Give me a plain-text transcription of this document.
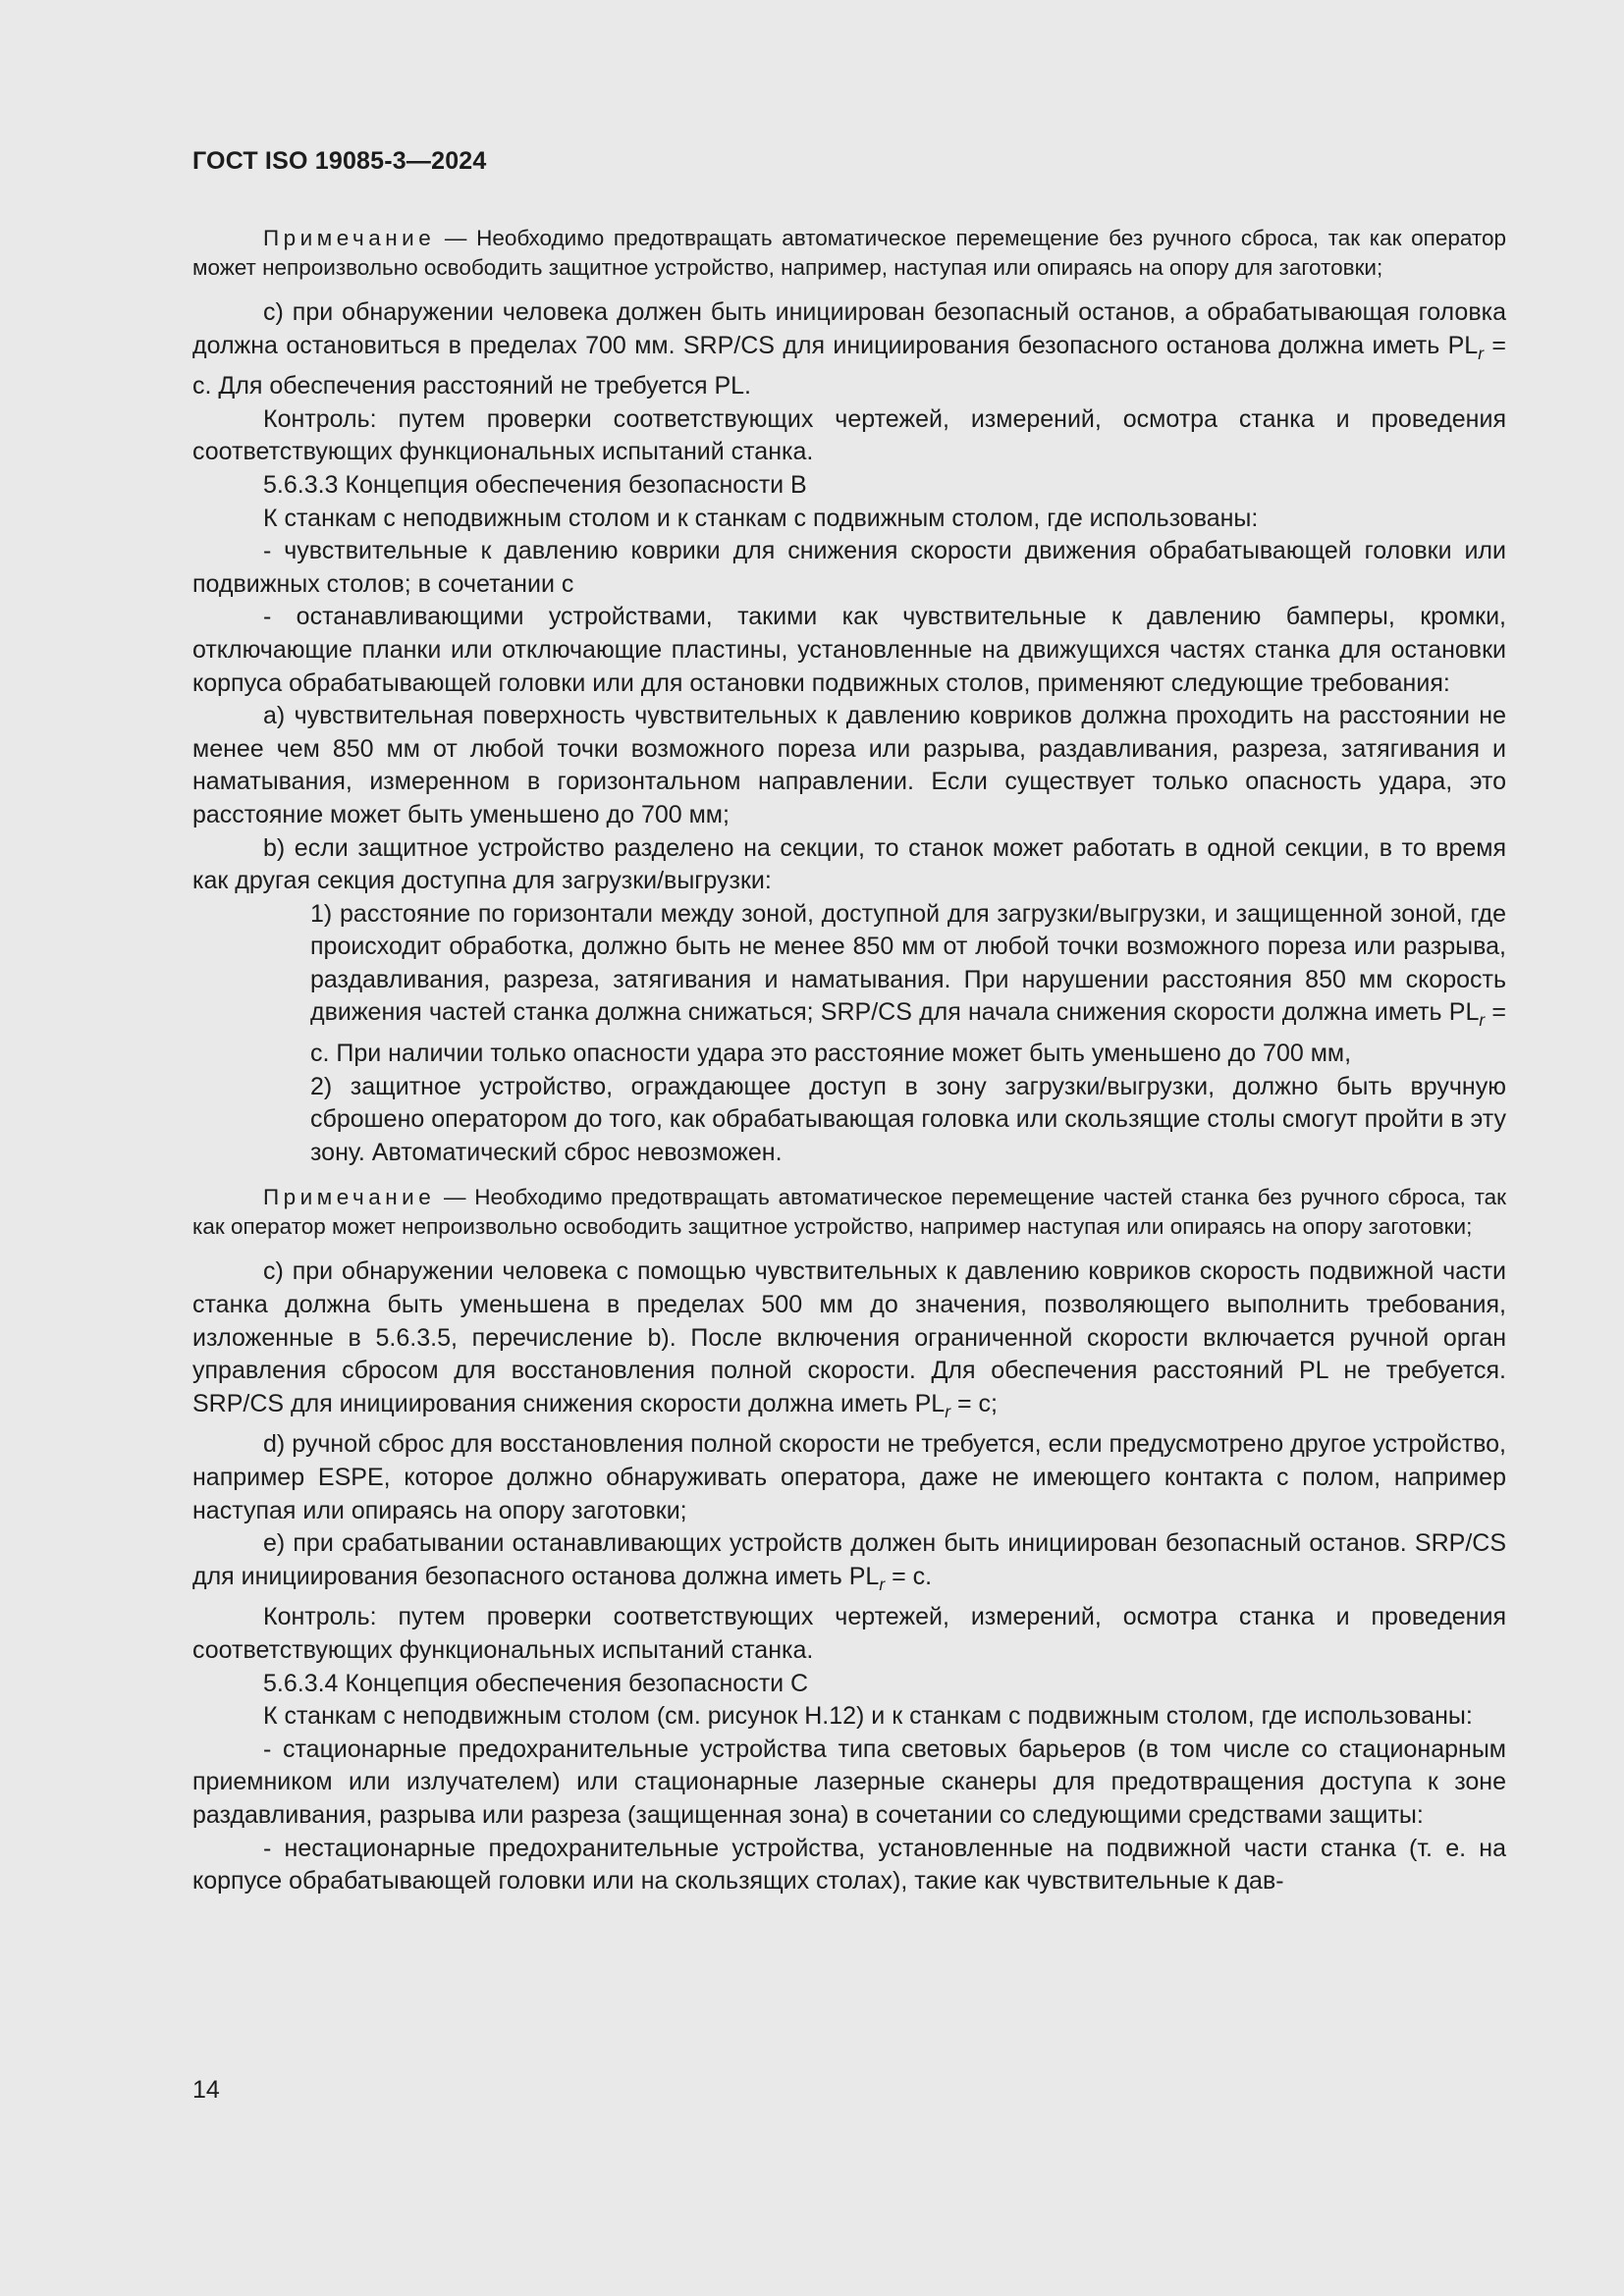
ГОСТ ISO 19085-3—2024

Примечание — Необходимо предотвращать автоматическое перемещение без ручного сброса, так как оператор может непроизвольно освободить защитное устройство, например, наступая или опираясь на опору для заготовки;

с) при обнаружении человека должен быть инициирован безопасный останов, а обрабатывающая головка должна остановиться в пределах 700 мм. SRP/CS для инициирования безопасного останова должна иметь $PL_r = c$. Для обеспечения расстояний не требуется PL.

Контроль: путем проверки соответствующих чертежей, измерений, осмотра станка и проведения соответствующих функциональных испытаний станка.

5.6.3.3 Концепция обеспечения безопасности B

К станкам с неподвижным столом и к станкам с подвижным столом, где использованы:

- чувствительные к давлению коврики для снижения скорости движения обрабатывающей головки или подвижных столов; в сочетании с

- останавливающими устройствами, такими как чувствительные к давлению бамперы, кромки, отключающие планки или отключающие пластины, установленные на движущихся частях станка для остановки корпуса обрабатывающей головки или для остановки подвижных столов, применяют следующие требования:

а) чувствительная поверхность чувствительных к давлению ковриков должна проходить на расстоянии не менее чем 850 мм от любой точки возможного пореза или разрыва, раздавливания, разреза, затягивания и наматывания, измеренном в горизонтальном направлении. Если существует только опасность удара, это расстояние может быть уменьшено до 700 мм;

b) если защитное устройство разделено на секции, то станок может работать в одной секции, в то время как другая секция доступна для загрузки/выгрузки:

1) расстояние по горизонтали между зоной, доступной для загрузки/выгрузки, и защищенной зоной, где происходит обработка, должно быть не менее 850 мм от любой точки возможного пореза или разрыва, раздавливания, разреза, затягивания и наматывания. При нарушении расстояния 850 мм скорость движения частей станка должна снижаться; SRP/CS для начала снижения скорости должна иметь $PL_r = c$. При наличии только опасности удара это расстояние может быть уменьшено до 700 мм,

2) защитное устройство, ограждающее доступ в зону загрузки/выгрузки, должно быть вручную сброшено оператором до того, как обрабатывающая головка или скользящие столы смогут пройти в эту зону. Автоматический сброс невозможен.

Примечание — Необходимо предотвращать автоматическое перемещение частей станка без ручного сброса, так как оператор может непроизвольно освободить защитное устройство, например наступая или опираясь на опору заготовки;

с) при обнаружении человека с помощью чувствительных к давлению ковриков скорость подвижной части станка должна быть уменьшена в пределах 500 мм до значения, позволяющего выполнить требования, изложенные в 5.6.3.5, перечисление b). После включения ограниченной скорости включается ручной орган управления сбросом для восстановления полной скорости. Для обеспечения расстояний PL не требуется. SRP/CS для инициирования снижения скорости должна иметь $PL_r = c$;

d) ручной сброс для восстановления полной скорости не требуется, если предусмотрено другое устройство, например ESPE, которое должно обнаруживать оператора, даже не имеющего контакта с полом, например наступая или опираясь на опору заготовки;

е) при срабатывании останавливающих устройств должен быть инициирован безопасный останов. SRP/CS для инициирования безопасного останова должна иметь $PL_r = c$.

Контроль: путем проверки соответствующих чертежей, измерений, осмотра станка и проведения соответствующих функциональных испытаний станка.

5.6.3.4 Концепция обеспечения безопасности C

К станкам с неподвижным столом (см. рисунок Н.12) и к станкам с подвижным столом, где использованы:

- стационарные предохранительные устройства типа световых барьеров (в том числе со стационарным приемником или излучателем) или стационарные лазерные сканеры для предотвращения доступа к зоне раздавливания, разрыва или разреза (защищенная зона) в сочетании со следующими средствами защиты:

- нестационарные предохранительные устройства, установленные на подвижной части станка (т. е. на корпусе обрабатывающей головки или на скользящих столах), такие как чувствительные к дав-

14
